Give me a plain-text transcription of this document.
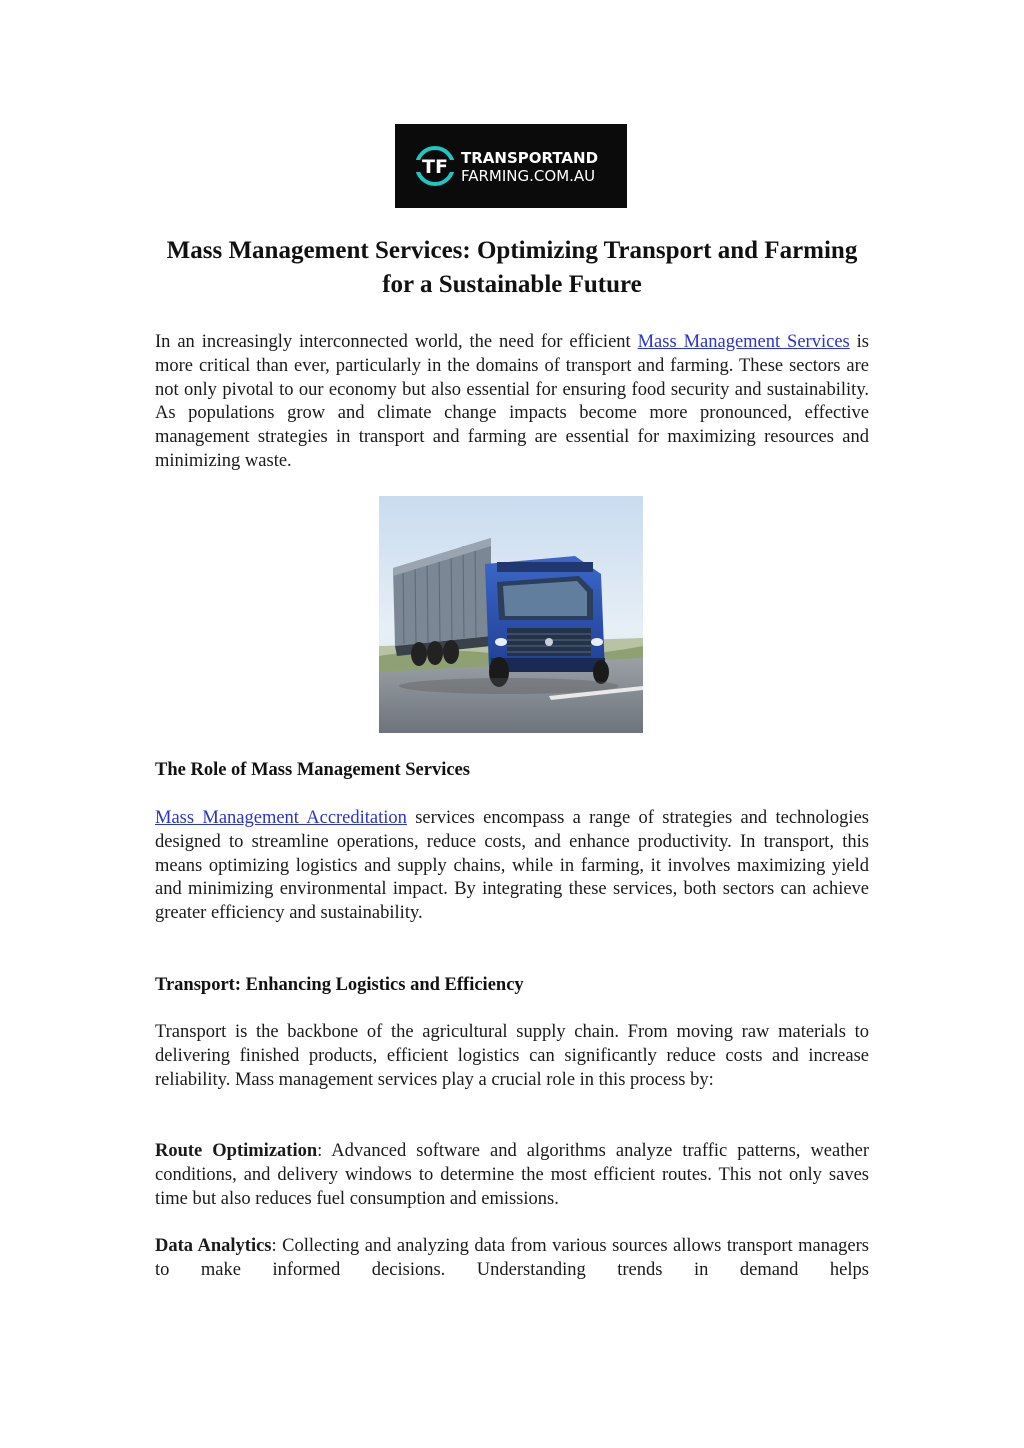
TF TRANSPORTAND
FARMING.COM.AU
Mass Management Services: Optimizing Transport and Farming for a Sustainable Future

In an increasingly interconnected world, the need for efficient Mass Management Services is more critical than ever, particularly in the domains of transport and farming. These sectors are not only pivotal to our economy but also essential for ensuring food security and sustainability. As populations grow and climate change impacts become more pronounced, effective management strategies in transport and farming are essential for maximizing resources and minimizing waste.

The Role of Mass Management Services

Mass Management Accreditation services encompass a range of strategies and technologies designed to streamline operations, reduce costs, and enhance productivity. In transport, this means optimizing logistics and supply chains, while in farming, it involves maximizing yield and minimizing environmental impact. By integrating these services, both sectors can achieve greater efficiency and sustainability.

Transport: Enhancing Logistics and Efficiency

Transport is the backbone of the agricultural supply chain. From moving raw materials to delivering finished products, efficient logistics can significantly reduce costs and increase reliability. Mass management services play a crucial role in this process by:

Route Optimization: Advanced software and algorithms analyze traffic patterns, weather conditions, and delivery windows to determine the most efficient routes. This not only saves time but also reduces fuel consumption and emissions.

Data Analytics: Collecting and analyzing data from various sources allows transport managers to make informed decisions. Understanding trends in demand helps
